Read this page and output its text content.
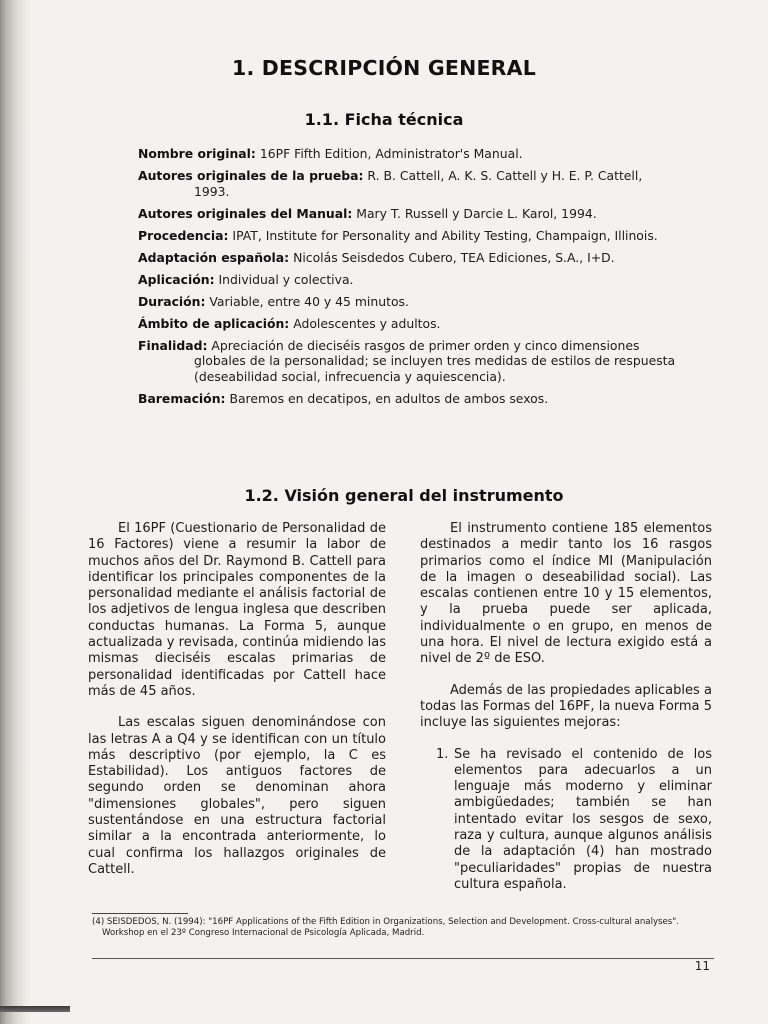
1. DESCRIPCIÓN GENERAL
1.1. Ficha técnica
Nombre original: 16PF Fifth Edition, Administrator's Manual.
Autores originales de la prueba: R. B. Cattell, A. K. S. Cattell y H. E. P. Cattell, 1993.
Autores originales del Manual: Mary T. Russell y Darcie L. Karol, 1994.
Procedencia: IPAT, Institute for Personality and Ability Testing, Champaign, Illinois.
Adaptación española: Nicolás Seisdedos Cubero, TEA Ediciones, S.A., I+D.
Aplicación: Individual y colectiva.
Duración: Variable, entre 40 y 45 minutos.
Ámbito de aplicación: Adolescentes y adultos.
Finalidad: Apreciación de dieciséis rasgos de primer orden y cinco dimensiones globales de la personalidad; se incluyen tres medidas de estilos de respuesta (deseabilidad social, infrecuencia y aquiescencia).
Baremación: Baremos en decatipos, en adultos de ambos sexos.
1.2. Visión general del instrumento

El 16PF (Cuestionario de Personalidad de 16 Factores) viene a resumir la labor de muchos años del Dr. Raymond B. Cattell para identificar los principales componentes de la personalidad mediante el análisis factorial de los adjetivos de lengua inglesa que describen conductas humanas. La Forma 5, aunque actualizada y revisada, continúa midiendo las mismas dieciséis escalas primarias de personalidad identificadas por Cattell hace más de 45 años.

Las escalas siguen denominándose con las letras A a Q4 y se identifican con un título más descriptivo (por ejemplo, la C es Estabilidad). Los antiguos factores de segundo orden se denominan ahora "dimensiones globales", pero siguen sustentándose en una estructura factorial similar a la encontrada anteriormente, lo cual confirma los hallazgos originales de Cattell.

El instrumento contiene 185 elementos destinados a medir tanto los 16 rasgos primarios como el índice MI (Manipulación de la imagen o deseabilidad social). Las escalas contienen entre 10 y 15 elementos, y la prueba puede ser aplicada, individualmente o en grupo, en menos de una hora. El nivel de lectura exigido está a nivel de 2º de ESO.

Además de las propiedades aplicables a todas las Formas del 16PF, la nueva Forma 5 incluye las siguientes mejoras:

1. Se ha revisado el contenido de los elementos para adecuarlos a un lenguaje más moderno y eliminar ambigüedades; también se han intentado evitar los sesgos de sexo, raza y cultura, aunque algunos análisis de la adaptación (4) han mostrado "peculiaridades" propias de nuestra cultura española.
(4) SEISDEDOS, N. (1994): "16PF Applications of the Fifth Edition in Organizations, Selection and Development. Cross-cultural analyses". Workshop en el 23º Congreso Internacional de Psicología Aplicada, Madrid.
11
